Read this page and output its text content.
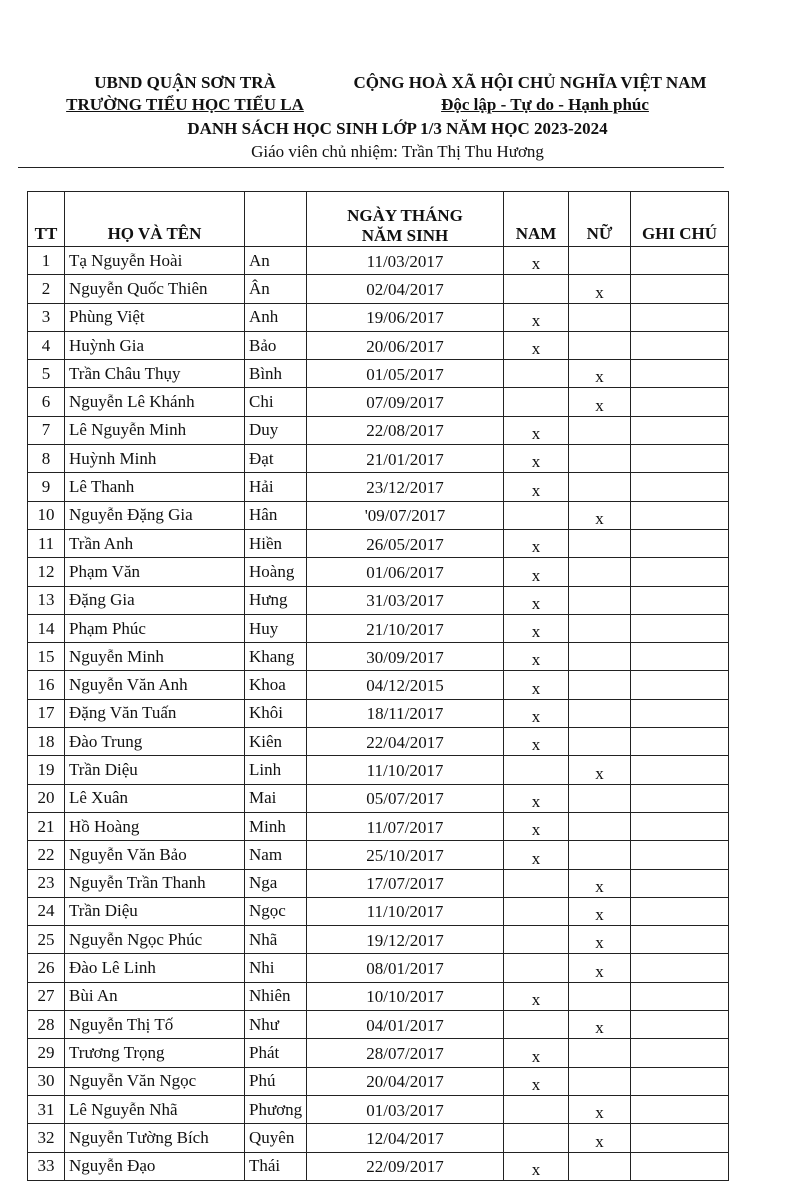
UBND QUẬN SƠN TRÀ
TRƯỜNG TIỂU HỌC TIỂU LA
CỘNG HOÀ XÃ HỘI CHỦ NGHĨA VIỆT NAM
Độc lập - Tự do - Hạnh phúc
DANH SÁCH HỌC SINH LỚP 1/3 NĂM HỌC 2023-2024
Giáo viên chủ nhiệm: Trần Thị Thu Hương
TT	HỌ VÀ TÊN		NGÀY THÁNG NĂM SINH	NAM	NỮ	GHI CHÚ
1	Tạ Nguyễn Hoài	An	11/03/2017	x		
2	Nguyễn Quốc Thiên	Ân	02/04/2017		x	
3	Phùng Việt	Anh	19/06/2017	x		
4	Huỳnh Gia	Bảo	20/06/2017	x		
5	Trần Châu Thụy	Bình	01/05/2017		x	
6	Nguyễn Lê Khánh	Chi	07/09/2017		x	
7	Lê Nguyễn Minh	Duy	22/08/2017	x		
8	Huỳnh Minh	Đạt	21/01/2017	x		
9	Lê Thanh	Hải	23/12/2017	x		
10	Nguyễn Đặng Gia	Hân	'09/07/2017		x	
11	Trần Anh	Hiền	26/05/2017	x		
12	Phạm Văn	Hoàng	01/06/2017	x		
13	Đặng Gia	Hưng	31/03/2017	x		
14	Phạm Phúc	Huy	21/10/2017	x		
15	Nguyễn Minh	Khang	30/09/2017	x		
16	Nguyễn Văn Anh	Khoa	04/12/2015	x		
17	Đặng Văn Tuấn	Khôi	18/11/2017	x		
18	Đào Trung	Kiên	22/04/2017	x		
19	Trần Diệu	Linh	11/10/2017		x	
20	Lê Xuân	Mai	05/07/2017	x		
21	Hồ Hoàng	Minh	11/07/2017	x		
22	Nguyễn Văn Bảo	Nam	25/10/2017	x		
23	Nguyễn Trần Thanh	Nga	17/07/2017		x	
24	Trần Diệu	Ngọc	11/10/2017		x	
25	Nguyễn Ngọc Phúc	Nhã	19/12/2017		x	
26	Đào Lê Linh	Nhi	08/01/2017		x	
27	Bùi An	Nhiên	10/10/2017	x		
28	Nguyễn Thị Tố	Như	04/01/2017		x	
29	Trương Trọng	Phát	28/07/2017	x		
30	Nguyễn Văn Ngọc	Phú	20/04/2017	x		
31	Lê Nguyễn Nhã	Phương	01/03/2017		x	
32	Nguyễn Tường Bích	Quyên	12/04/2017		x	
33	Nguyễn Đạo	Thái	22/09/2017	x		
